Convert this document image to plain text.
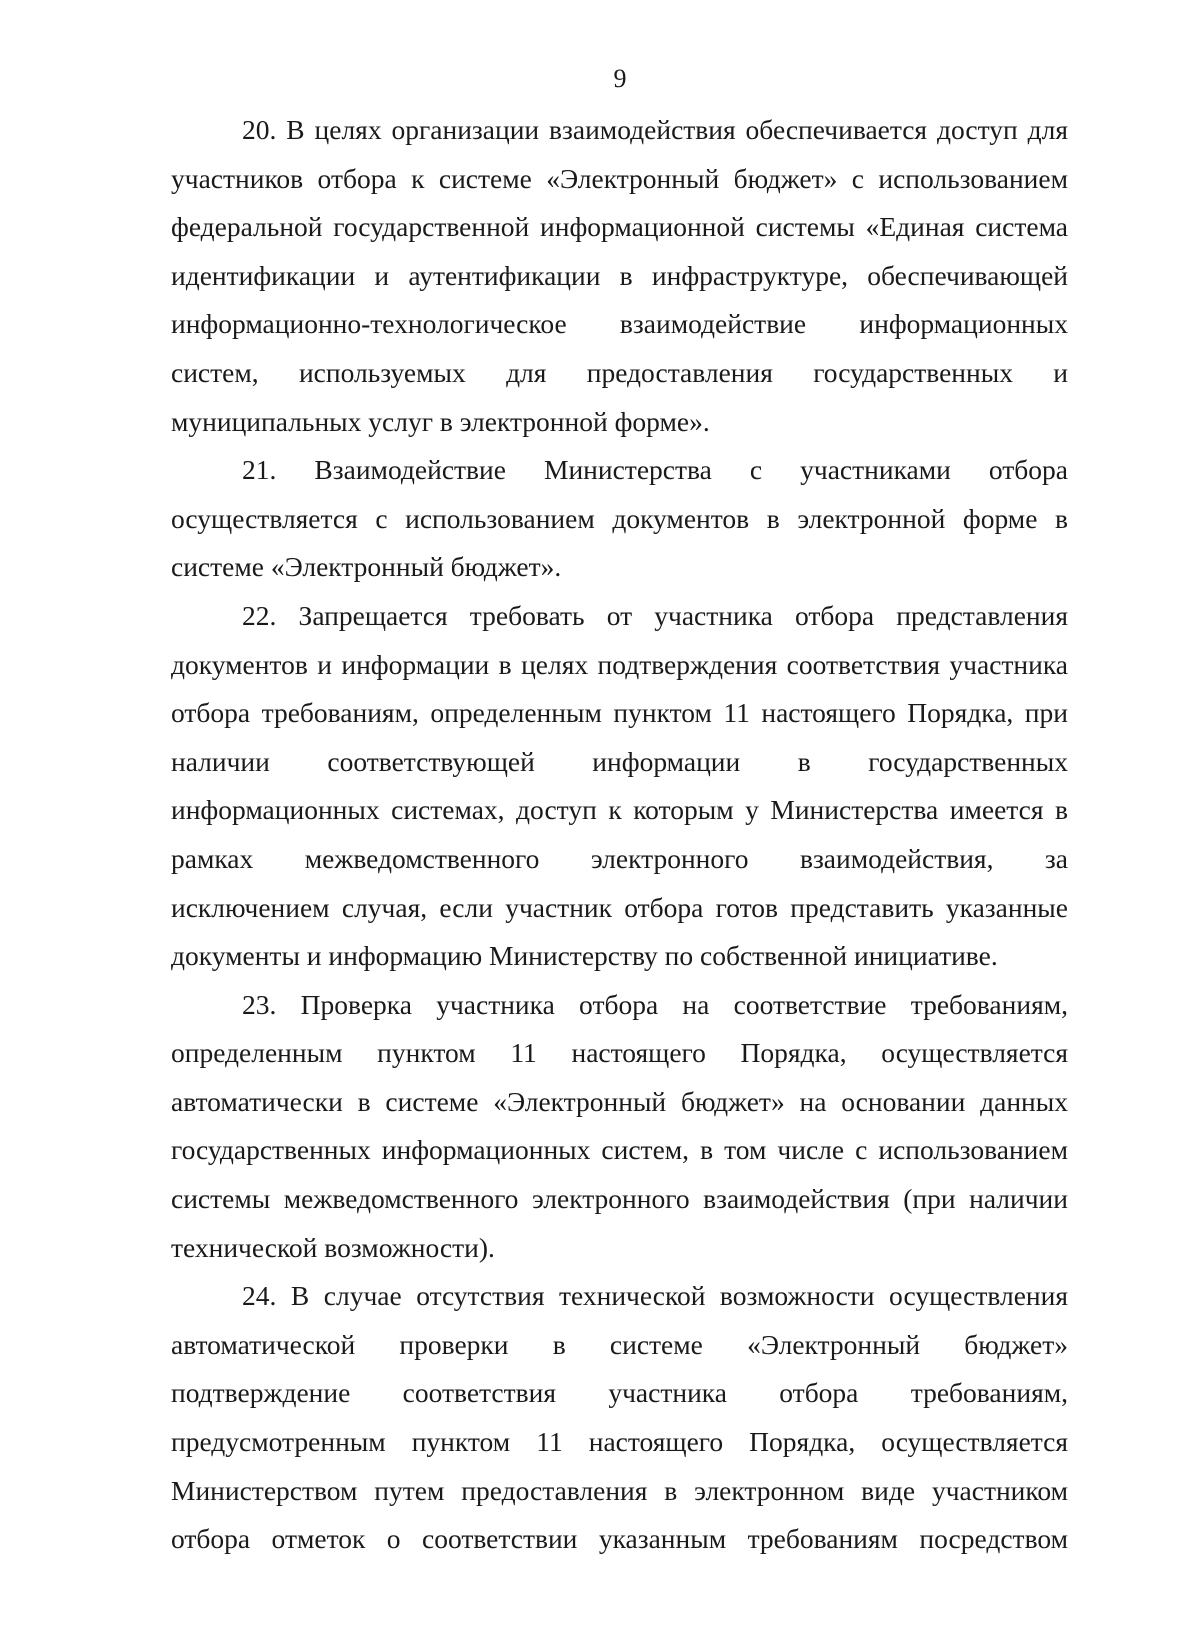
9
20. В целях организации взаимодействия обеспечивается доступ для
участников отбора к системе «Электронный бюджет» с использованием
федеральной государственной информационной системы «Единая система
идентификации и аутентификации в инфраструктуре, обеспечивающей
информационно-технологическое взаимодействие информационных
систем, используемых для предоставления государственных и
муниципальных услуг в электронной форме».
21. Взаимодействие Министерства с участниками отбора
осуществляется с использованием документов в электронной форме в
системе «Электронный бюджет».
22. Запрещается требовать от участника отбора представления
документов и информации в целях подтверждения соответствия участника
отбора требованиям, определенным пунктом 11 настоящего Порядка, при
наличии соответствующей информации в государственных
информационных системах, доступ к которым у Министерства имеется в
рамках межведомственного электронного взаимодействия, за
исключением случая, если участник отбора готов представить указанные
документы и информацию Министерству по собственной инициативе.
23. Проверка участника отбора на соответствие требованиям,
определенным пунктом 11 настоящего Порядка, осуществляется
автоматически в системе «Электронный бюджет» на основании данных
государственных информационных систем, в том числе с использованием
системы межведомственного электронного взаимодействия (при наличии
технической возможности).
24. В случае отсутствия технической возможности осуществления
автоматической проверки в системе «Электронный бюджет»
подтверждение соответствия участника отбора требованиям,
предусмотренным пунктом 11 настоящего Порядка, осуществляется
Министерством путем предоставления в электронном виде участником
отбора отметок о соответствии указанным требованиям посредством
